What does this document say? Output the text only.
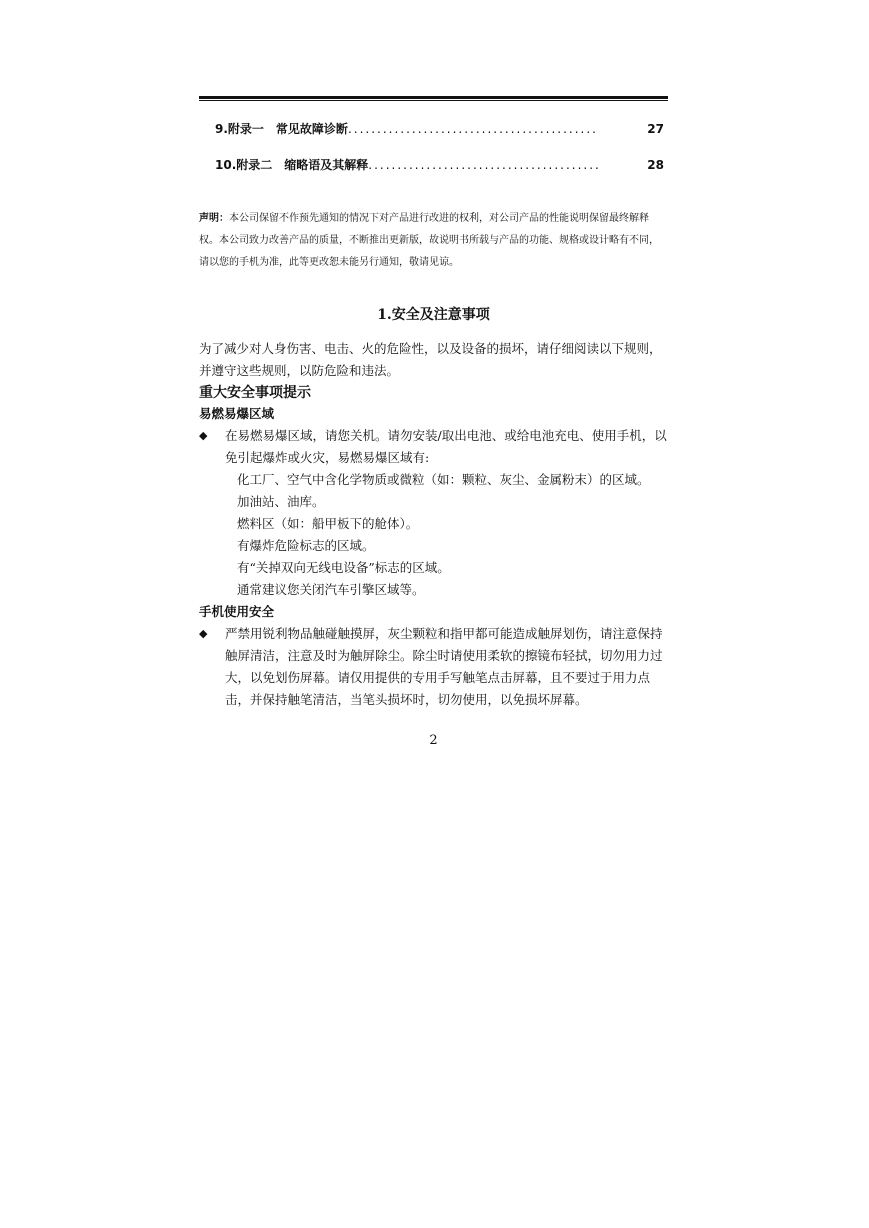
9.附录一 常见故障诊断 ...........................................	27
10.附录二 缩略语及其解释 ........................................	28
声明：本公司保留不作预先通知的情况下对产品进行改进的权利，对公司产品的性能说明保留最终解释权。本公司致力改善产品的质量，不断推出更新版，故说明书所载与产品的功能、规格或设计略有不同，请以您的手机为准，此等更改恕未能另行通知，敬请见谅。
1.安全及注意事项
为了减少对人身伤害、电击、火的危险性，以及设备的损坏，请仔细阅读以下规则，并遵守这些规则，以防危险和违法。
重大安全事项提示
易燃易爆区域
◆ 在易燃易爆区域，请您关机。请勿安装/取出电池、或给电池充电、使用手机，以免引起爆炸或火灾，易燃易爆区域有:
化工厂、空气中含化学物质或微粒（如：颗粒、灰尘、金属粉末）的区域。
加油站、油库。
燃料区（如：船甲板下的舱体）。
有爆炸危险标志的区域。
有“关掉双向无线电设备”标志的区域。
通常建议您关闭汽车引擎区域等。
手机使用安全
◆ 严禁用锐利物品触碰触摸屏，灰尘颗粒和指甲都可能造成触屏划伤，请注意保持触屏清洁，注意及时为触屏除尘。除尘时请使用柔软的擦镜布轻拭，切勿用力过大，以免划伤屏幕。请仅用提供的专用手写触笔点击屏幕，且不要过于用力点击，并保持触笔清洁，当笔头损坏时，切勿使用，以免损坏屏幕。
2
